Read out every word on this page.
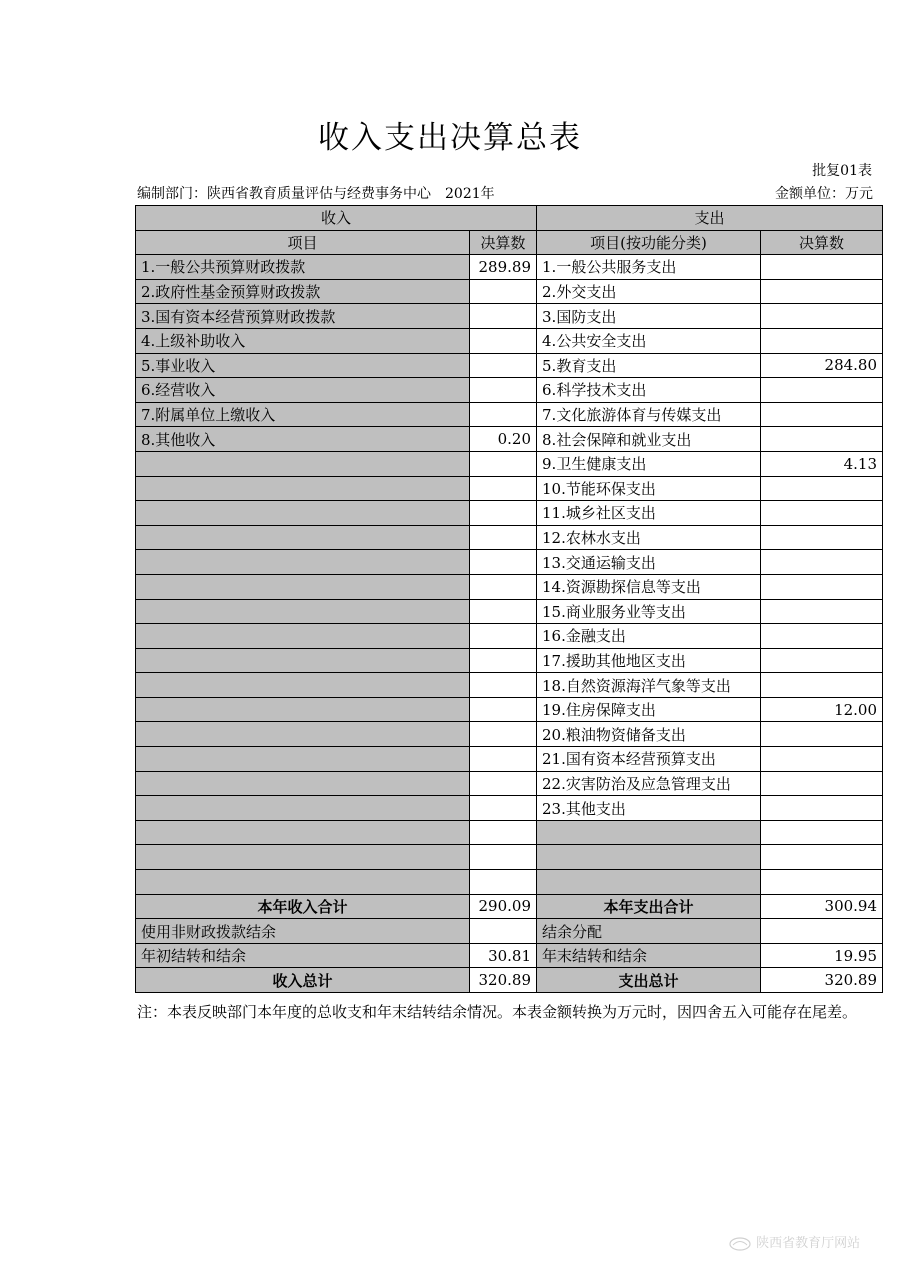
收入支出决算总表
批复01表
编制部门：陕西省教育质量评估与经费事务中心 2021年	金额单位：万元
收入		支出	
项目	决算数	项目(按功能分类)	决算数
1.一般公共预算财政拨款	289.89	1.一般公共服务支出	
2.政府性基金预算财政拨款		2.外交支出	
3.国有资本经营预算财政拨款		3.国防支出	
4.上级补助收入		4.公共安全支出	
5.事业收入		5.教育支出	284.80
6.经营收入		6.科学技术支出	
7.附属单位上缴收入		7.文化旅游体育与传媒支出	
8.其他收入	0.20	8.社会保障和就业支出	
		9.卫生健康支出	4.13
		10.节能环保支出	
		11.城乡社区支出	
		12.农林水支出	
		13.交通运输支出	
		14.资源勘探信息等支出	
		15.商业服务业等支出	
		16.金融支出	
		17.援助其他地区支出	
		18.自然资源海洋气象等支出	
		19.住房保障支出	12.00
		20.粮油物资储备支出	
		21.国有资本经营预算支出	
		22.灾害防治及应急管理支出	
		23.其他支出	

本年收入合计	290.09	本年支出合计	300.94
使用非财政拨款结余		结余分配	
年初结转和结余	30.81	年末结转和结余	19.95
收入总计	320.89	支出总计	320.89
注：本表反映部门本年度的总收支和年末结转结余情况。本表金额转换为万元时，因四舍五入可能存在尾差。
陕西省教育厅网站
